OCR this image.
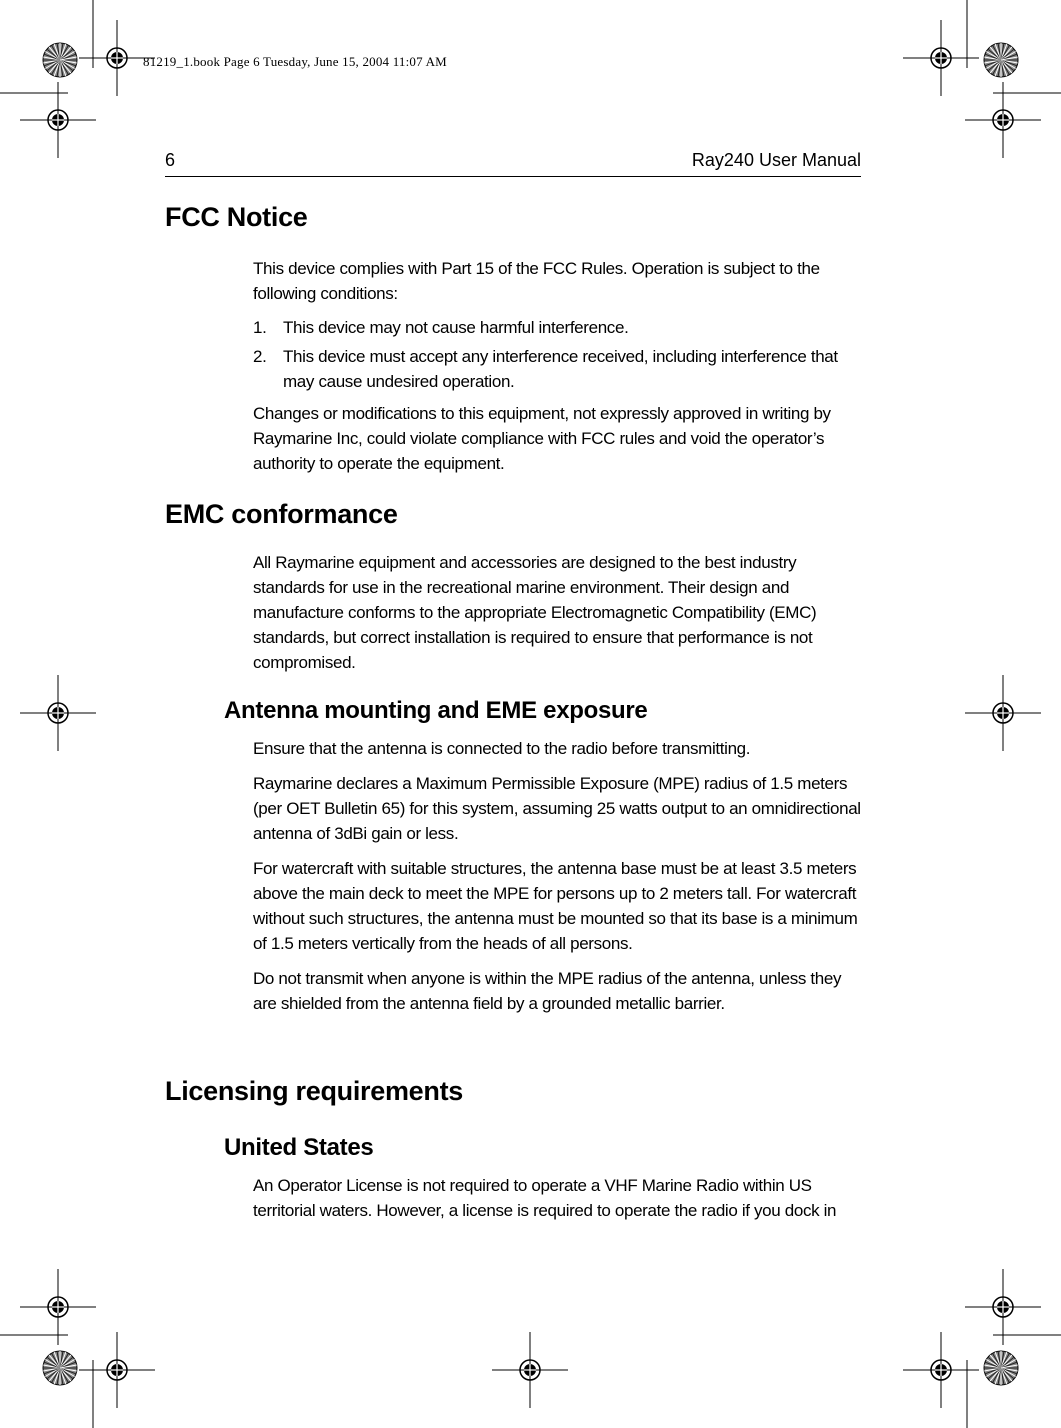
81219_1.book Page 6 Tuesday, June 15, 2004 11:07 AM
6	Ray240 User Manual
FCC Notice
This device complies with Part 15 of the FCC Rules. Operation is subject to the following conditions:
1. This device may not cause harmful interference.
2. This device must accept any interference received, including interference that may cause undesired operation.
Changes or modifications to this equipment, not expressly approved in writing by Raymarine Inc, could violate compliance with FCC rules and void the operator’s authority to operate the equipment.
EMC conformance
All Raymarine equipment and accessories are designed to the best industry standards for use in the recreational marine environment. Their design and manufacture conforms to the appropriate Electromagnetic Compatibility (EMC) standards, but correct installation is required to ensure that performance is not compromised.
Antenna mounting and EME exposure
Ensure that the antenna is connected to the radio before transmitting.
Raymarine declares a Maximum Permissible Exposure (MPE) radius of 1.5 meters (per OET Bulletin 65) for this system, assuming 25 watts output to an omnidirectional antenna of 3dBi gain or less.
For watercraft with suitable structures, the antenna base must be at least 3.5 meters above the main deck to meet the MPE for persons up to 2 meters tall. For watercraft without such structures, the antenna must be mounted so that its base is a minimum of 1.5 meters vertically from the heads of all persons.
Do not transmit when anyone is within the MPE radius of the antenna, unless they are shielded from the antenna field by a grounded metallic barrier.
Licensing requirements
United States
An Operator License is not required to operate a VHF Marine Radio within US territorial waters. However, a license is required to operate the radio if you dock in
